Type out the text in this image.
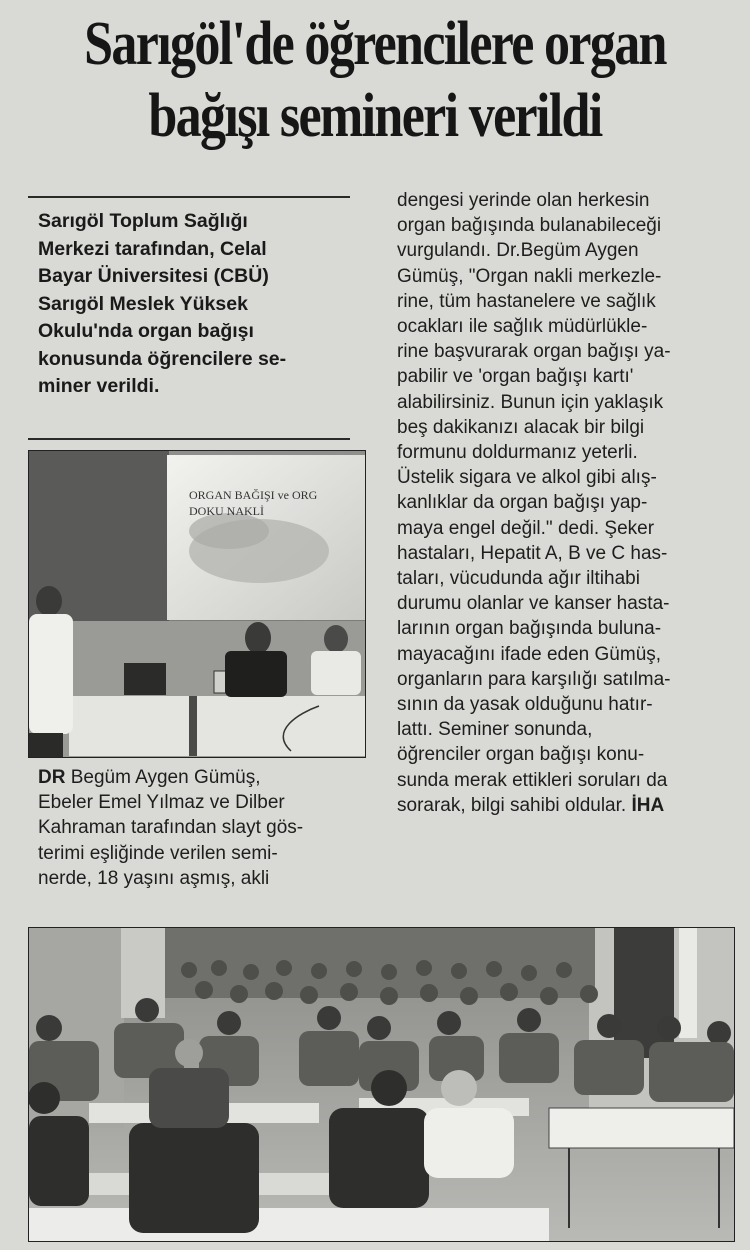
Sarıgöl'de öğrencilere organ
bağışı semineri verildi
Sarıgöl Toplum Sağlığı
Merkezi tarafından, Celal
Bayar Üniversitesi (CBÜ)
Sarıgöl Meslek Yüksek
Okulu'nda organ bağışı
konusunda öğrencilere se-
miner verildi.
ORGAN BAĞIŞI ve ORG
DOKU NAKLİ
DR Begüm Aygen Gümüş,
Ebeler Emel Yılmaz ve Dilber
Kahraman tarafından slayt gös-
terimi eşliğinde verilen semi-
nerde, 18 yaşını aşmış, akli
dengesi yerinde olan herkesin
organ bağışında bulanabileceği
vurgulandı. Dr.Begüm Aygen
Gümüş, "Organ nakli merkezle-
rine, tüm hastanelere ve sağlık
ocakları ile sağlık müdürlükle-
rine başvurarak organ bağışı ya-
pabilir ve 'organ bağışı kartı'
alabilirsiniz. Bunun için yaklaşık
beş dakikanızı alacak bir bilgi
formunu doldurmanız yeterli.
Üstelik sigara ve alkol gibi alış-
kanlıklar da organ bağışı yap-
maya engel değil." dedi. Şeker
hastaları, Hepatit A, B ve C has-
taları, vücudunda ağır iltihabi
durumu olanlar ve kanser hasta-
larının organ bağışında buluna-
mayacağını ifade eden Gümüş,
organların para karşılığı satılma-
sının da yasak olduğunu hatır-
lattı. Seminer sonunda,
öğrenciler organ bağışı konu-
sunda merak ettikleri soruları da
sorarak, bilgi sahibi oldular. İHA
